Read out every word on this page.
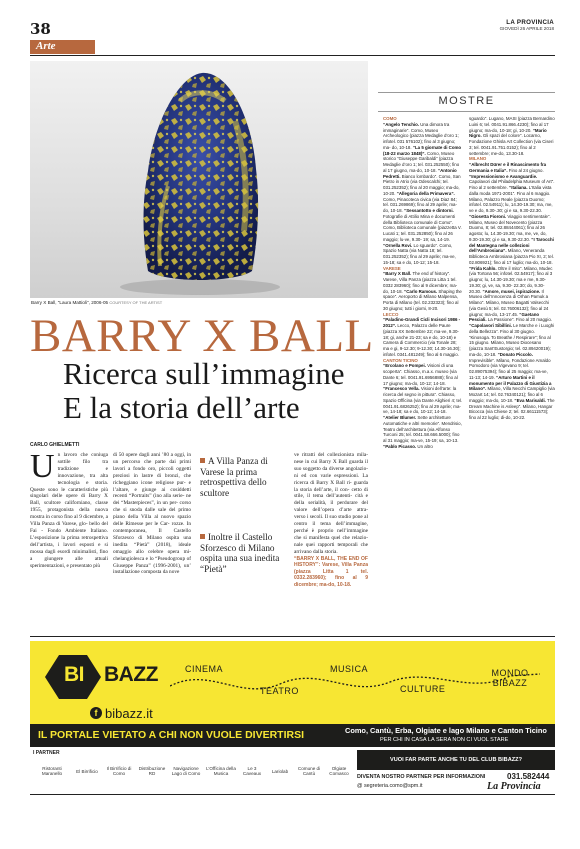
38	LA PROVINCIA
GIOVEDÌ 26 APRILE 2018
Arte
Barry X Ball, "Laura Mattioli", 2006-05 COURTESY OF THE ARTIST
BARRY X BALL
Ricerca sull’immagine
E la storia dell’arte
CARLO GHIELMETTI
U n lavoro che coniuga sottile filo tra tradizione e innovazione, tra alta tecnologia e storia. Queste sono le caratteristiche più singolari delle opere di Barry X Ball, scultore californiano, classe 1955, protagonista della nuova mostra in corso fino al 9 dicembre, a Villa Panza di Varese, glo- bello del Fai - Fondo Ambiente Italiano. L’esposizione la prima retrospettiva dell’artista, i lavori esposti e si mossa dagli esordi minimalisti, fino a giungere alle attuali sperimentazioni, e presentato più
di 50 opere dagli anni ’80 a oggi, in un percorso che parte dai primi lavori a fondo oro, piccoli oggetti preziosi in lastre di bronzi, che richeggiano icone religiose pur- e l’altare, e giunge ai cosiddetti recenti “Portraits” (ino alla serie- ne dei “Masterpieces”, in un per- corso che si snoda dalle sale del primo piano della Villa al nuovo spazio delle Rimesse per le Car- rozze. In contemporanea, Il Castello Sforzesco di Milano ospita una inedita “Pietà” (2018), ideale omaggio allo celebre opera mi- chelangiolesca e lo “Pseudogroup of Giuseppe Panza” (1996-2001), un’ installazione composta da nove
A Villa Panza di Varese la prima retrospettiva dello scultore
Inoltre il Castello Sforzesco di Milano ospita una sua inedita “Pietà”
ve ritratti del collezionista mila- nese in cui Barry X Ball guarda il suo soggetto da diverse angolazio- ni ed con varie espressioni. La ricerca di Barry X Ball ri- guarda la storia dell’arte, il con- cetto di stile, il tema dell’autenti- cità e della serialità, il perdurare del valore dell’opera d’arte attra- verso i secoli. Il suo studio pone al centro il tema dell’immagine, perché è proprio nell’immagine che si manifesta quel che relazio- nale quei rapporti temporali che arrivano dalla storia.
“BARRY X BALL, THE END OF HISTORY”: Varese, Villa Panza (piazza Litta 1 tel. 0332.283960); fino al 9 dicembre; ma-do, 10-18.
MOSTRE
COMO
“Angelo Tenchio. Una dimora tra immaginarie”. Como, Museo Archeologico (piazza Medaglie d’oro 1; infotel. 031 576102); fino al 3 giugno; ma- do, 10-18. “La 5 giornate di Como (18-22 marzo 1848)”. Como, Museo storico “Giuseppe Garibaldi” (piazza Medaglie d’oro 1; tel. 031.252550); fino al 17 giugno, ma-do, 10-18. “Antonio Pedretti. Bianco lombardo”. Como, San Pietro in Atrio (via Odescalchi; tel. 031.252352); fino al 20 maggio; ma-do, 10-20. “Allegoria della Primavera”. Como, Pinacoteca civica (via Diaz 84; tel. 031.269869); fino al 29 aprile; ma-do, 10-18. “Sessantotto e dintorni. Fotografie di Attilio Mina e documenti della Biblioteca comunale di Como”. Como, Biblioteca comunale (piazzetta V. Lucati 1; tel. 031.252850); fino al 26 maggio; lu-ve, 9.30- 19; sa, 14-19. “Ornella Rovi. Lo sguardo”. Como, Spazio Natta (via Natta 18; tel. 031.252352); fino al 29 aprile; ma-ve, 15-18; sa e do, 10-12; 15-18.
VARESE
“Barry X Ball. The end of history”. Varese, Villa Panza (piazza Litta 1 tel. 0332 283960); fino al 9 dicembre; ma-do, 10-18. “Carlo Ramous. Shaping the space”. Aeroporto di Milano Malpensa, Porta di Milano (tel. 02.232323); fino al 30 giugno; tutti i giorni, 8-20.
LECCO
“Paladino-Grandi Cicli Incisori 1986 - 2012”. Lecco, Palazzo delle Paure (piazza XX Settembre 22; ma-ve, 9.30-18; gi, anche 21-23; sa e do, 10-18) e Camera di Commercio (via Tonale 28; ma e gi, 9-12.30; 9-12.30; 14.30-16.30); infotel. 0341.481249); fino al 6 maggio.
CANTON TICINO
“Ercolano e Pompei. Visioni di una scoperta”. Chiasso, m.a.x. museo (via Dante 6; tel. 0041.91.6956888); fino al 17 giugno; ma-do, 10-12; 14-18. “Francesco Vella. Visioni dell’arte: la ricerca del segno in pittura”. Chiasso, Spazio Officina (via Dante Alighieri 4; tel. 0041.91.6826252); fino al 29 aprile; ma-ve, 14-18; sa e do, 10-12; 14-18. “Atelier Blumer. Sette architetture Automatiche e altri memorie”. Mendrisio, Teatro dell’architettura (via Alfonso Turconi 25; tel. 0041.58.666.5000); fino al 31 maggio; ma-ve, 15-19; sa, 10-13. “Pablo Picasso. Un altro
sguardo”. Lugano, MASI (piazza Bernardino Luini 6; tel. 0041.91.866.4230); fino al 17 giugno; ma-do, 10-18; gi, 10-20. “Mario Nigro. Gli spazi del colore”. Locarno, Fondazione Ghisla Art Collection (via Ciseri 3; tel. 0041.91.751.0152); fino al 2 settembre; me-do, 13.30-18.
MILANO
“Albrecht Dürer e il Rinascimento fra Germania e Italia”. Fino al 24 giugno. “Impressionismo e Avanguardie. Capolavori dal Philadelphia Museum of Art”. Fino al 2 settembre. “Italiana. L’Italia vista dalla moda 1971-2001”. Fino al 6 maggio. Milano, Palazzo Reale (piazza Duomo; infotel. 02.54911); lu, 14.30-19.30; ma, me, ve e do, 9.30-.30; gi e sa, 9.30-22.30. “Giosetta Fioroni. Viaggio sentimentale”. Milano, Museo del Novecento (piazza Duomo, 8; tel. 02.88444061); fino al 26 agosto; lu, 14.30-19.30; ma, me, ve, do, 9.30-19.30; gi e sa, 9.30-22.30. “I Tarocchi del Mantegna nelle collezioni dell’Ambrosiana”. Milano, Veneranda Biblioteca Ambrosiana (piazza Pio XI, 2; tel. 02.806921); fino al 17 luglio; ma-do, 10-18. “Frida Kahlo. Oltre il mito”. Milano, Mudec (via Tortona 56; infotel. 02.54917); fino al 3 giugno; lu, 14.30-19.30; ma e me, 9.30-19.30; gi, ve, sa, 9.30- 22.30; do, 9.30-20.30. “Amore, musei, ispirazione. Il Museo dell’Innocenza di Orhan Pamuk a Milano”. Milano, Museo Bagatti Valsecchi (via Gesù 5; tel. 02.76006132); fino al 24 giugno; ma-do, 13-17.45. “Gaetano Pesciali. La Passione”. Fino al 20 maggio. “Capolavori Sibillini. Le Marche e i Luoghi della Bellezza”. Fino al 30 giugno. “Kinosoga. To Breathe / Respirare”; fino al 15 giugno. Milano, Museo Diocesano (piazza Sant’Eustorgio; tel. 02.89420019); ma-do, 10-18. “Donato Piccolo. Imprevisible”. Milano, Fondazione Amaldo Pomodoro (via Vigevano 9; tel. 02.89075394); fino al 25 maggio; ma-ve, 11-13; 14-19. “Arturo Martini e il monumento per il Palazzo di Giustizia a Milano”. Milano, Villa Necchi Campiglio (via Mozart 14; tel. 02.76340121); fino al 6 maggio; ma-do, 10-18. “Eva Marisaldi. The Dream Machine is Asleep”. Milano, Hangar Bicocca (via Chiese 2; tel. 02.66111573); fino al 22 luglio; di-do, 10-22.
BI BAZZ
f bibazz.it
CINEMA
TEATRO
MUSICA
CULTURE
MONDO BIBAZZ
IL PORTALE VIETATO A CHI NON VUOLE DIVERTIRSI	Como, Cantù, Erba, Olgiate e lago Milano e Canton Ticino
PER CHI IN CASA LA SERA NON CI VUOL STARE
I PARTNER
Ristoranti Maranello	El Birrificio	Il Birrificio di Como
Distribuzione RD
Navigazione Lago di Como
L’Officina della Musica
Le 3 Caveaux	Lariolab	Comune di Cantù
Olgiate Comasco
VUOI FAR PARTE ANCHE TU DEL CLUB BIBAZZ?
DIVENTA NOSTRO PARTNER PER INFORMAZIONI	031.582444
@ segreteria.como@spm.it	La Provincia
